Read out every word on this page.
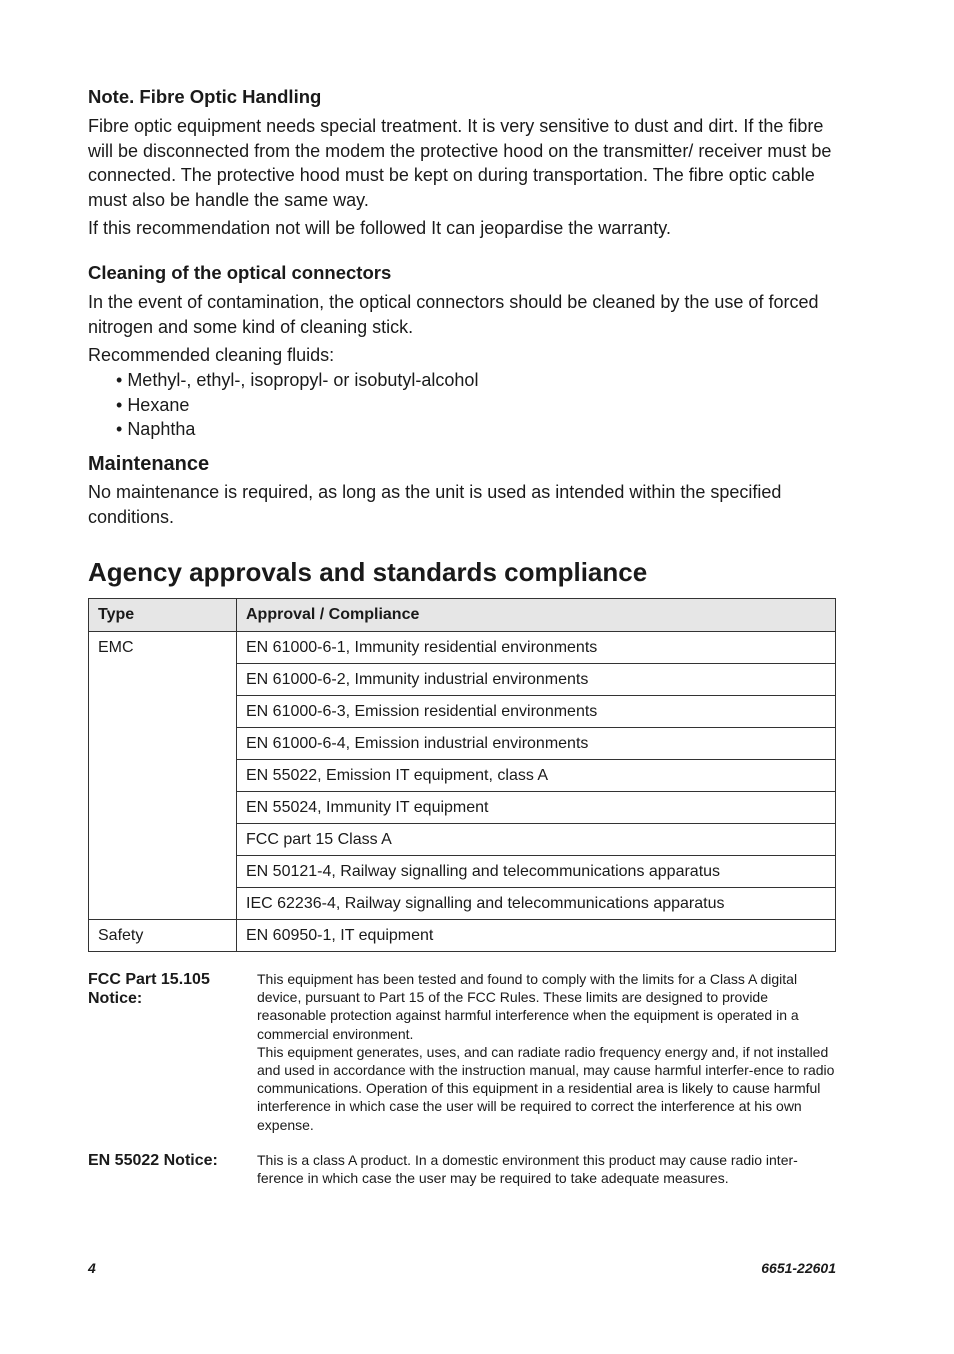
Note. Fibre Optic Handling

Fibre optic equipment needs special treatment. It is very sensitive to dust and dirt. If the fibre will be disconnected from the modem the protective hood on the transmitter/ receiver must be connected. The protective hood must be kept on during transportation. The fibre optic cable must also be handle the same way.

If this recommendation not will be followed It can jeopardise the warranty.

Cleaning of the optical connectors

In the event of contamination, the optical connectors should be cleaned by the use of forced nitrogen and some kind of cleaning stick.

Recommended cleaning fluids:

• Methyl-, ethyl-, isopropyl- or isobutyl-alcohol
• Hexane
• Naphtha
Maintenance

No maintenance is required, as long as the unit is used as intended within the specified conditions.

Agency approvals and standards compliance
Type	Approval / Compliance
EMC	EN 61000-6-1, Immunity residential environments
	EN 61000-6-2, Immunity industrial environments
	EN 61000-6-3, Emission residential environments
	EN 61000-6-4, Emission industrial environments
	EN 55022, Emission IT equipment, class A
	EN 55024, Immunity IT equipment
	FCC part 15 Class A
	EN 50121-4, Railway signalling and telecommunications apparatus
	IEC 62236-4, Railway signalling and telecommunications apparatus
Safety	EN 60950-1, IT equipment
FCC Part 15.105 Notice:

This equipment has been tested and found to comply with the limits for a Class A digital device, pursuant to Part 15 of the FCC Rules. These limits are designed to provide reasonable protection against harmful interference when the equipment is operated in a commercial environment.

This equipment generates, uses, and can radiate radio frequency energy and, if not installed and used in accordance with the instruction manual, may cause harmful interfer-ence to radio communications. Operation of this equipment in a residential area is likely to cause harmful interference in which case the user will be required to correct the interference at his own expense.

EN 55022 Notice:	This is a class A product. In a domestic environment this product may cause radio inter-ference in which case the user may be required to take adequate measures.
4	6651-22601
